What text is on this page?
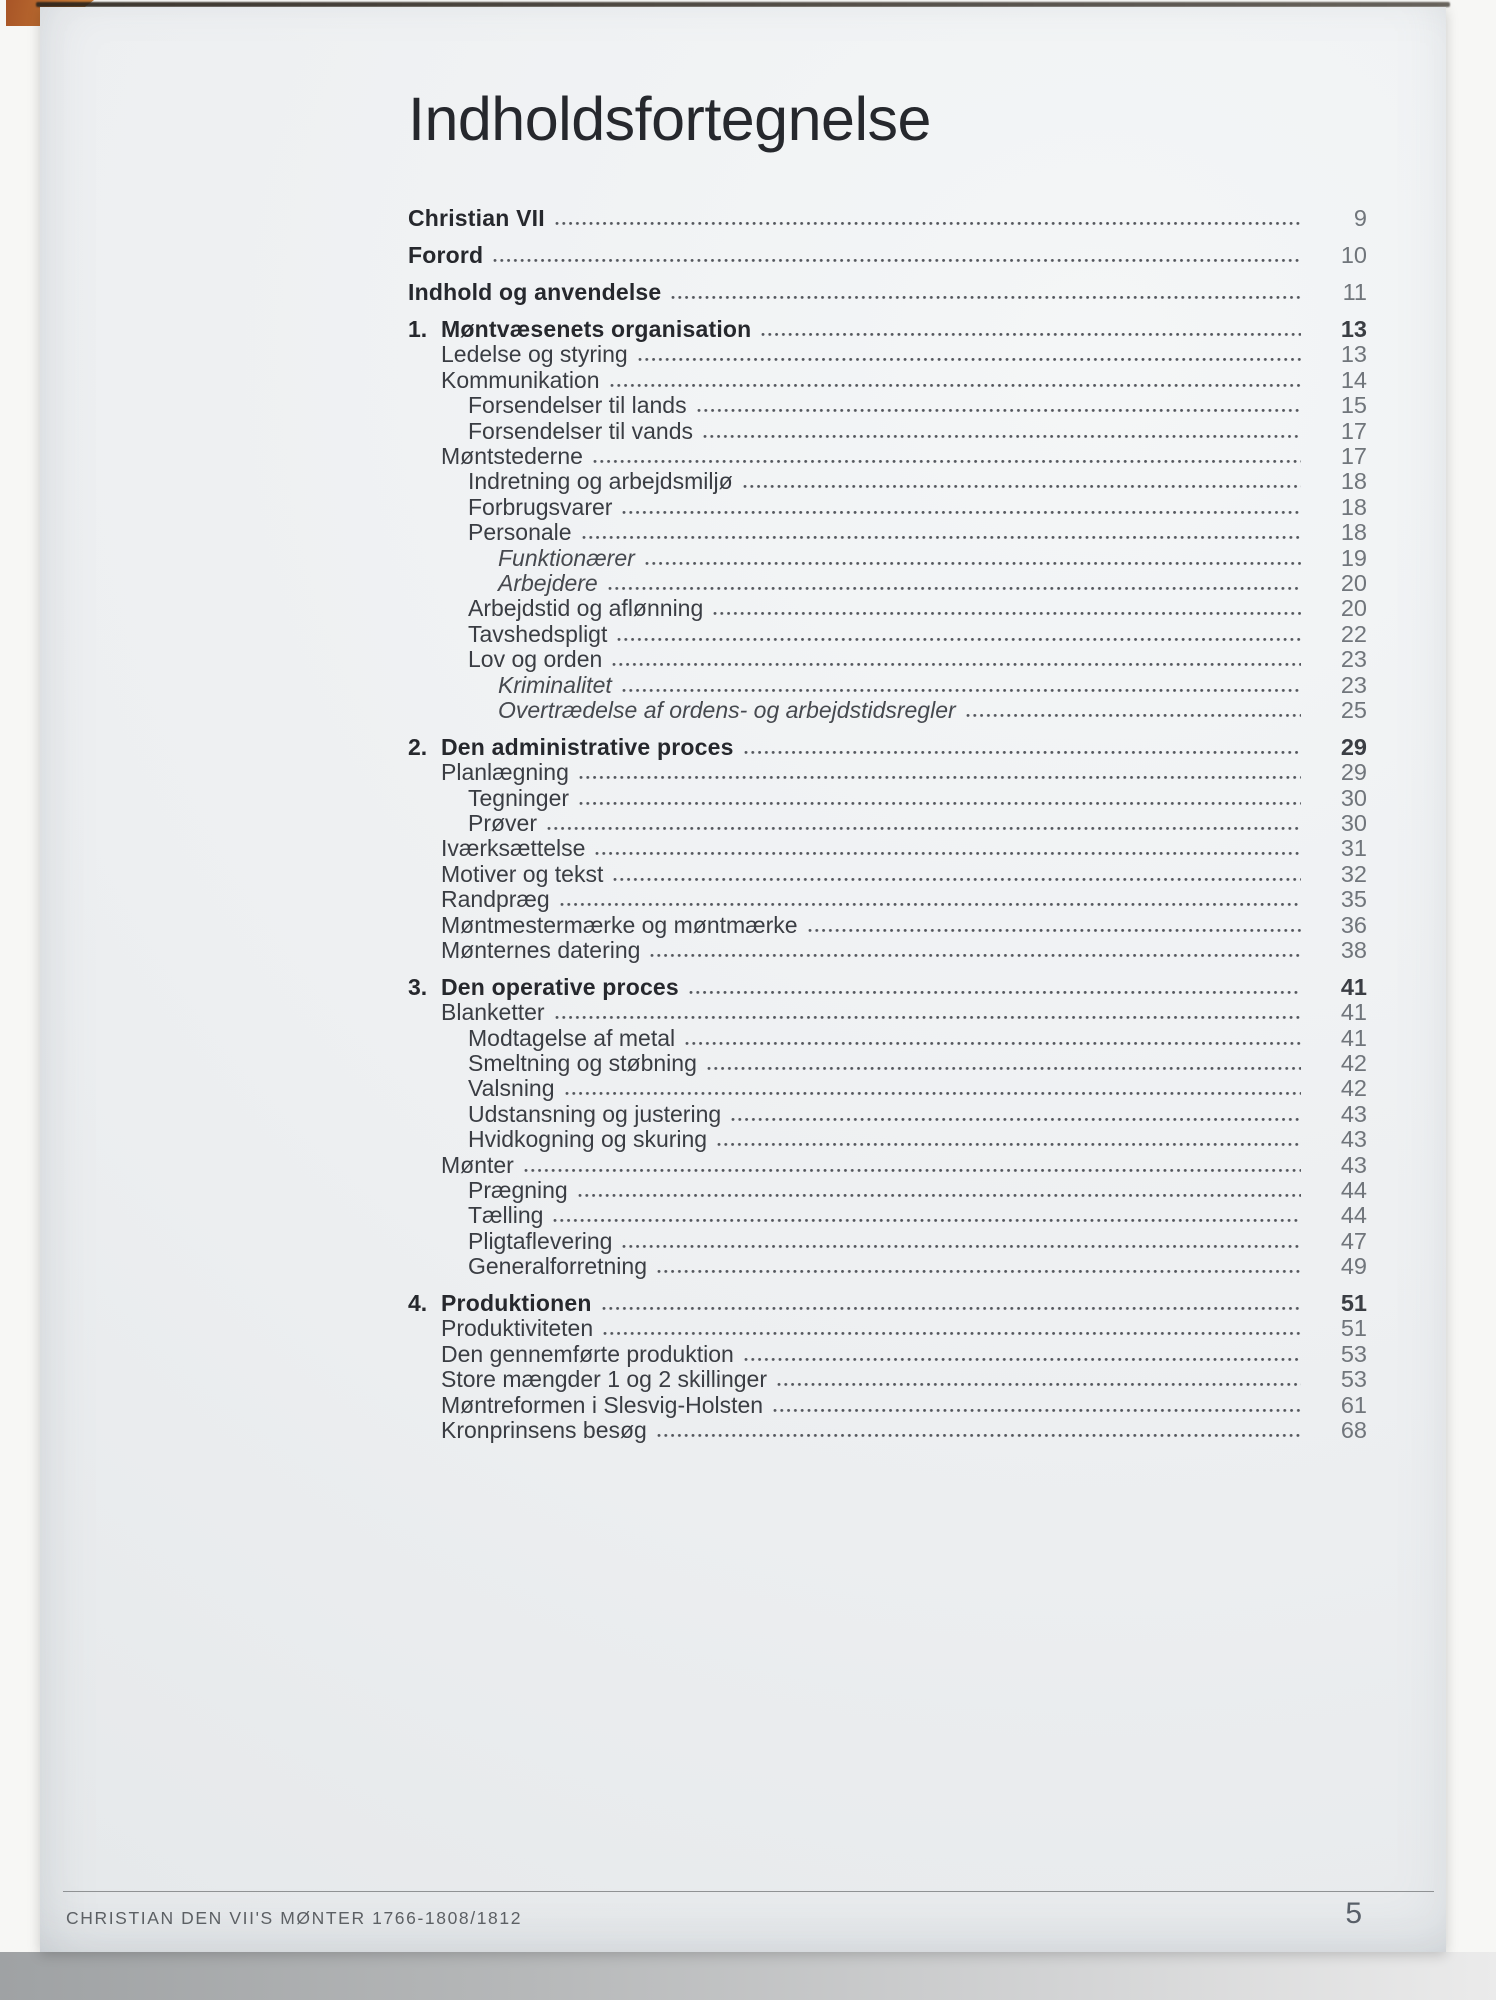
Indholdsfortegnelse
Christian VII	9
Forord	10
Indhold og anvendelse	11
1. Møntvæsenets organisation	13
Ledelse og styring	13
Kommunikation	14
Forsendelser til lands	15
Forsendelser til vands	17
Møntstederne	17
Indretning og arbejdsmiljø	18
Forbrugsvarer	18
Personale	18
Funktionærer	19
Arbejdere	20
Arbejdstid og aflønning	20
Tavshedspligt	22
Lov og orden	23
Kriminalitet	23
Overtrædelse af ordens- og arbejdstidsregler	25
2. Den administrative proces	29
Planlægning	29
Tegninger	30
Prøver	30
Iværksættelse	31
Motiver og tekst	32
Randpræg	35
Møntmestermærke og møntmærke	36
Mønternes datering	38
3. Den operative proces	41
Blanketter	41
Modtagelse af metal	41
Smeltning og støbning	42
Valsning	42
Udstansning og justering	43
Hvidkogning og skuring	43
Mønter	43
Prægning	44
Tælling	44
Pligtaflevering	47
Generalforretning	49
4. Produktionen	51
Produktiviteten	51
Den gennemførte produktion	53
Store mængder 1 og 2 skillinger	53
Møntreformen i Slesvig-Holsten	61
Kronprinsens besøg	68
CHRISTIAN DEN VII'S MØNTER 1766-1808/1812	5
